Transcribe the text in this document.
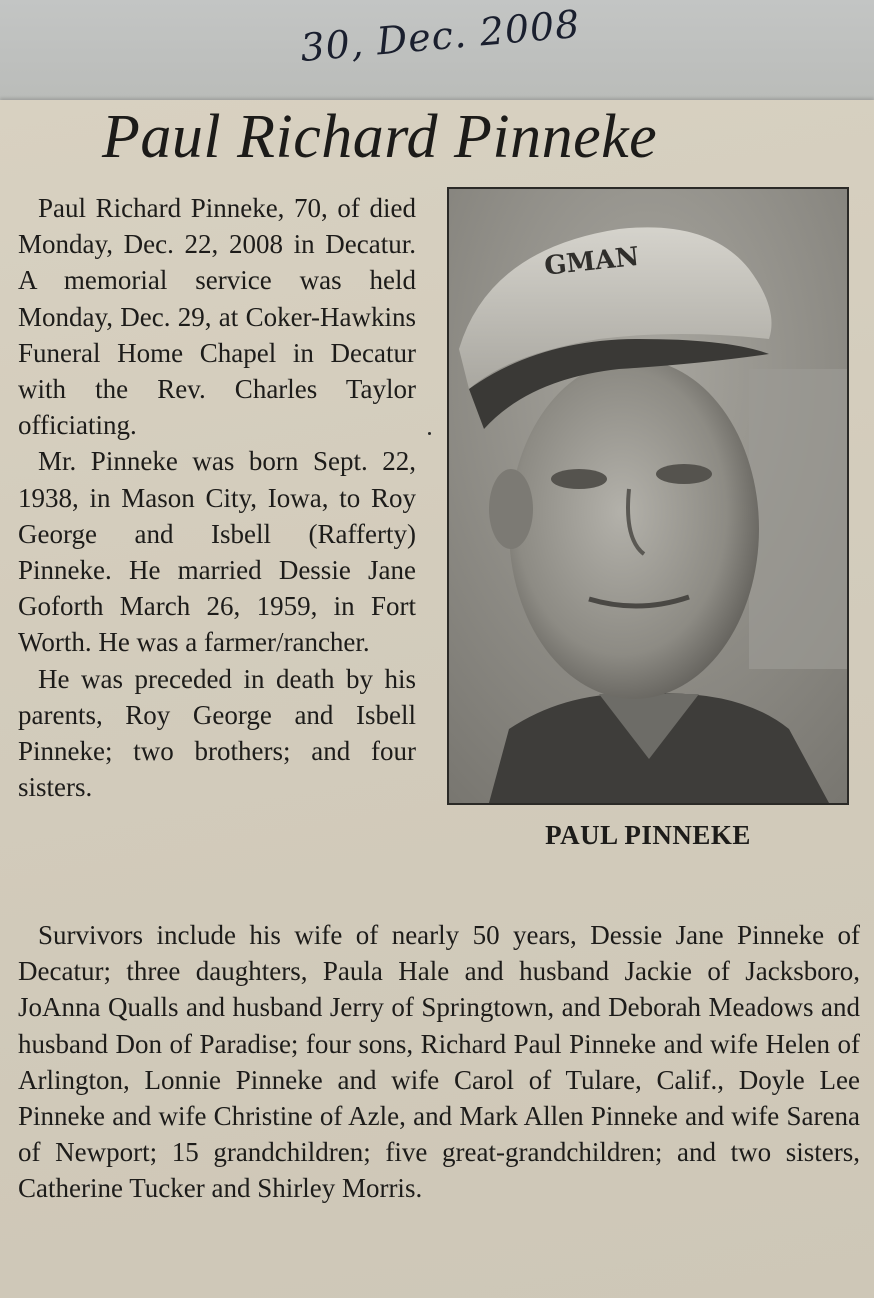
30, Dec. 2008
Paul Richard Pinneke

Paul Richard Pinneke, 70, of died Monday, Dec. 22, 2008 in Decatur. A memorial service was held Monday, Dec. 29, at Coker-Hawkins Funeral Home Chapel in Decatur with the Rev. Charles Taylor officiating.

Mr. Pinneke was born Sept. 22, 1938, in Mason City, Iowa, to Roy George and Isbell (Rafferty) Pinneke. He married Dessie Jane Goforth March 26, 1959, in Fort Worth. He was a farmer/rancher.

He was preceded in death by his parents, Roy George and Isbell Pinneke; two brothers; and four sisters.

GMAN
PAUL PINNEKE

Survivors include his wife of nearly 50 years, Dessie Jane Pinneke of Decatur; three daughters, Paula Hale and husband Jackie of Jacksboro, JoAnna Qualls and husband Jerry of Springtown, and Deborah Meadows and husband Don of Paradise; four sons, Richard Paul Pinneke and wife Helen of Arlington, Lonnie Pinneke and wife Carol of Tulare, Calif., Doyle Lee Pinneke and wife Christine of Azle, and Mark Allen Pinneke and wife Sarena of Newport; 15 grandchildren; five great-grandchildren; and two sisters, Catherine Tucker and Shirley Morris.
